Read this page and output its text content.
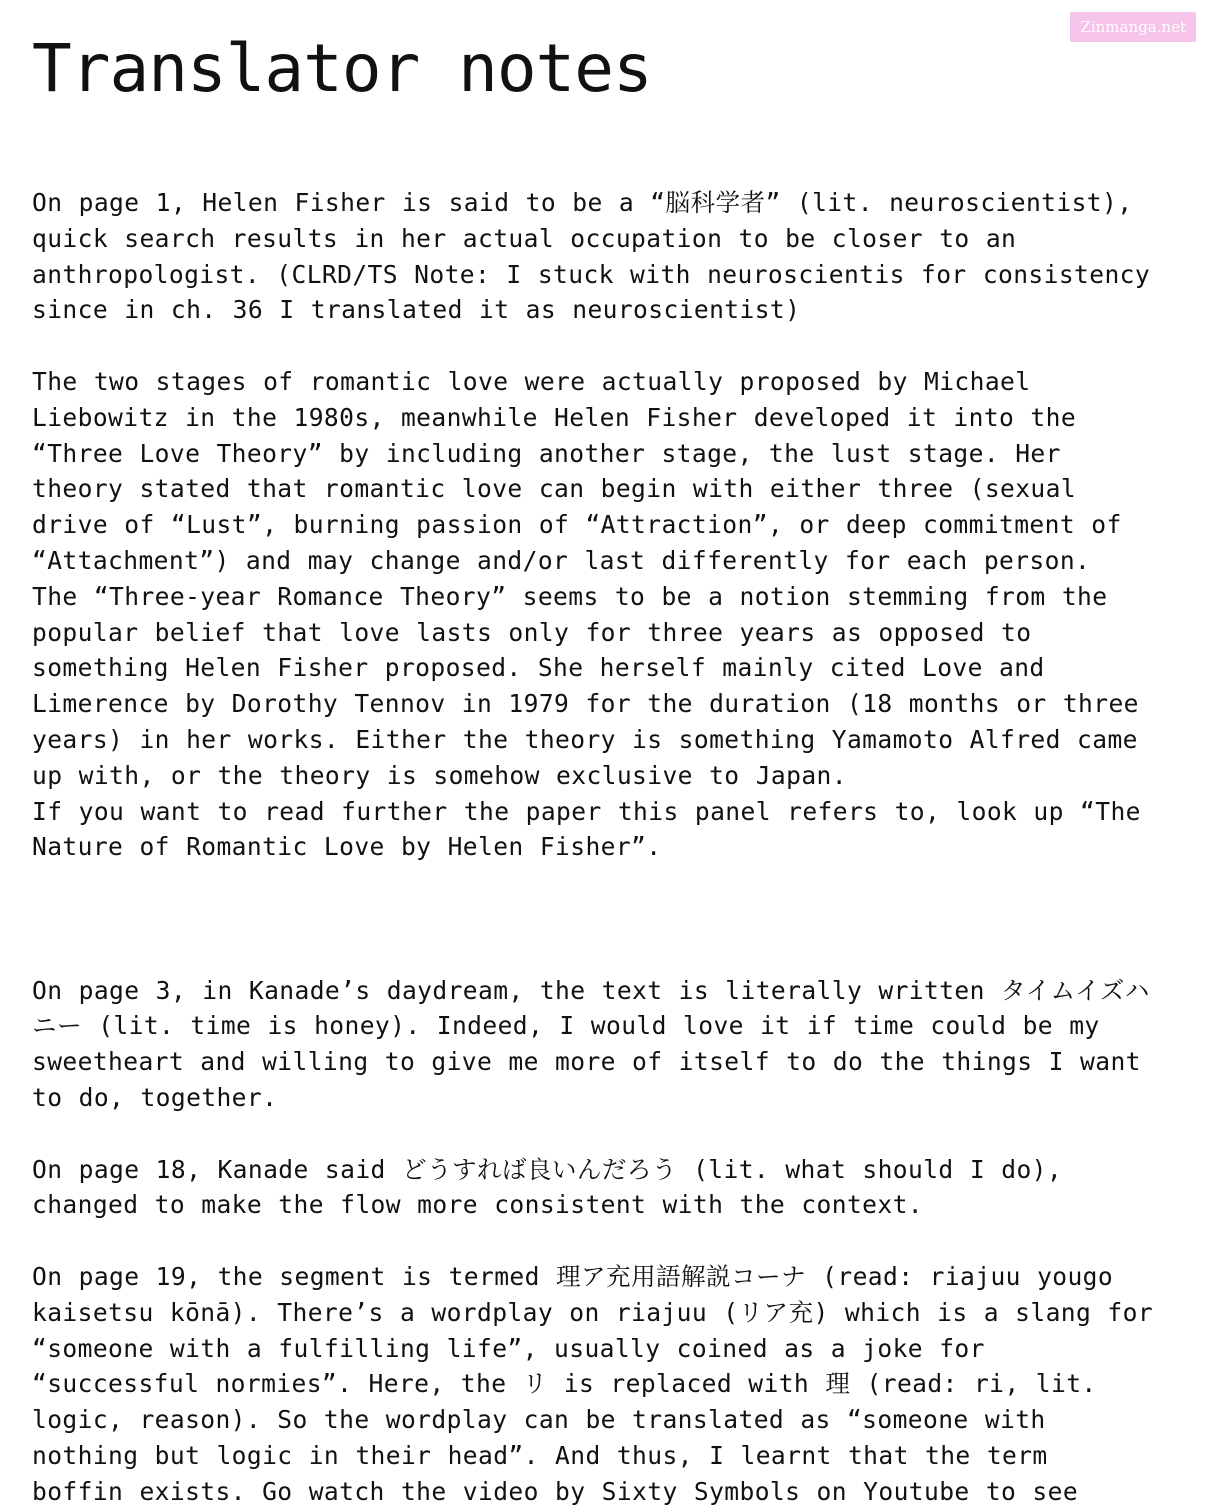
Zinmanga.net
Translator notes

On page 1, Helen Fisher is said to be a “脳科学者” (lit. neuroscientist),
quick search results in her actual occupation to be closer to an
anthropologist. (CLRD/TS Note: I stuck with neuroscientis for consistency
since in ch. 36 I translated it as neuroscientist)

The two stages of romantic love were actually proposed by Michael
Liebowitz in the 1980s, meanwhile Helen Fisher developed it into the
“Three Love Theory” by including another stage, the lust stage. Her
theory stated that romantic love can begin with either three (sexual
drive of “Lust”, burning passion of “Attraction”, or deep commitment of
“Attachment”) and may change and/or last differently for each person.
The “Three-year Romance Theory” seems to be a notion stemming from the
popular belief that love lasts only for three years as opposed to
something Helen Fisher proposed. She herself mainly cited Love and
Limerence by Dorothy Tennov in 1979 for the duration (18 months or three
years) in her works. Either the theory is something Yamamoto Alfred came
up with, or the theory is somehow exclusive to Japan.
If you want to read further the paper this panel refers to, look up “The
Nature of Romantic Love by Helen Fisher”.

On page 3, in Kanade’s daydream, the text is literally written タイムイズハ
ニー (lit. time is honey). Indeed, I would love it if time could be my
sweetheart and willing to give me more of itself to do the things I want
to do, together.

On page 18, Kanade said どうすれば良いんだろう (lit. what should I do),
changed to make the flow more consistent with the context.

On page 19, the segment is termed 理ア充用語解説コーナ (read: riajuu yougo
kaisetsu kōnā). There’s a wordplay on riajuu (リア充) which is a slang for
“someone with a fulfilling life”, usually coined as a joke for
“successful normies”. Here, the リ is replaced with 理 (read: ri, lit.
logic, reason). So the wordplay can be translated as “someone with
nothing but logic in their head”. And thus, I learnt that the term
boffin exists. Go watch the video by Sixty Symbols on Youtube to see
